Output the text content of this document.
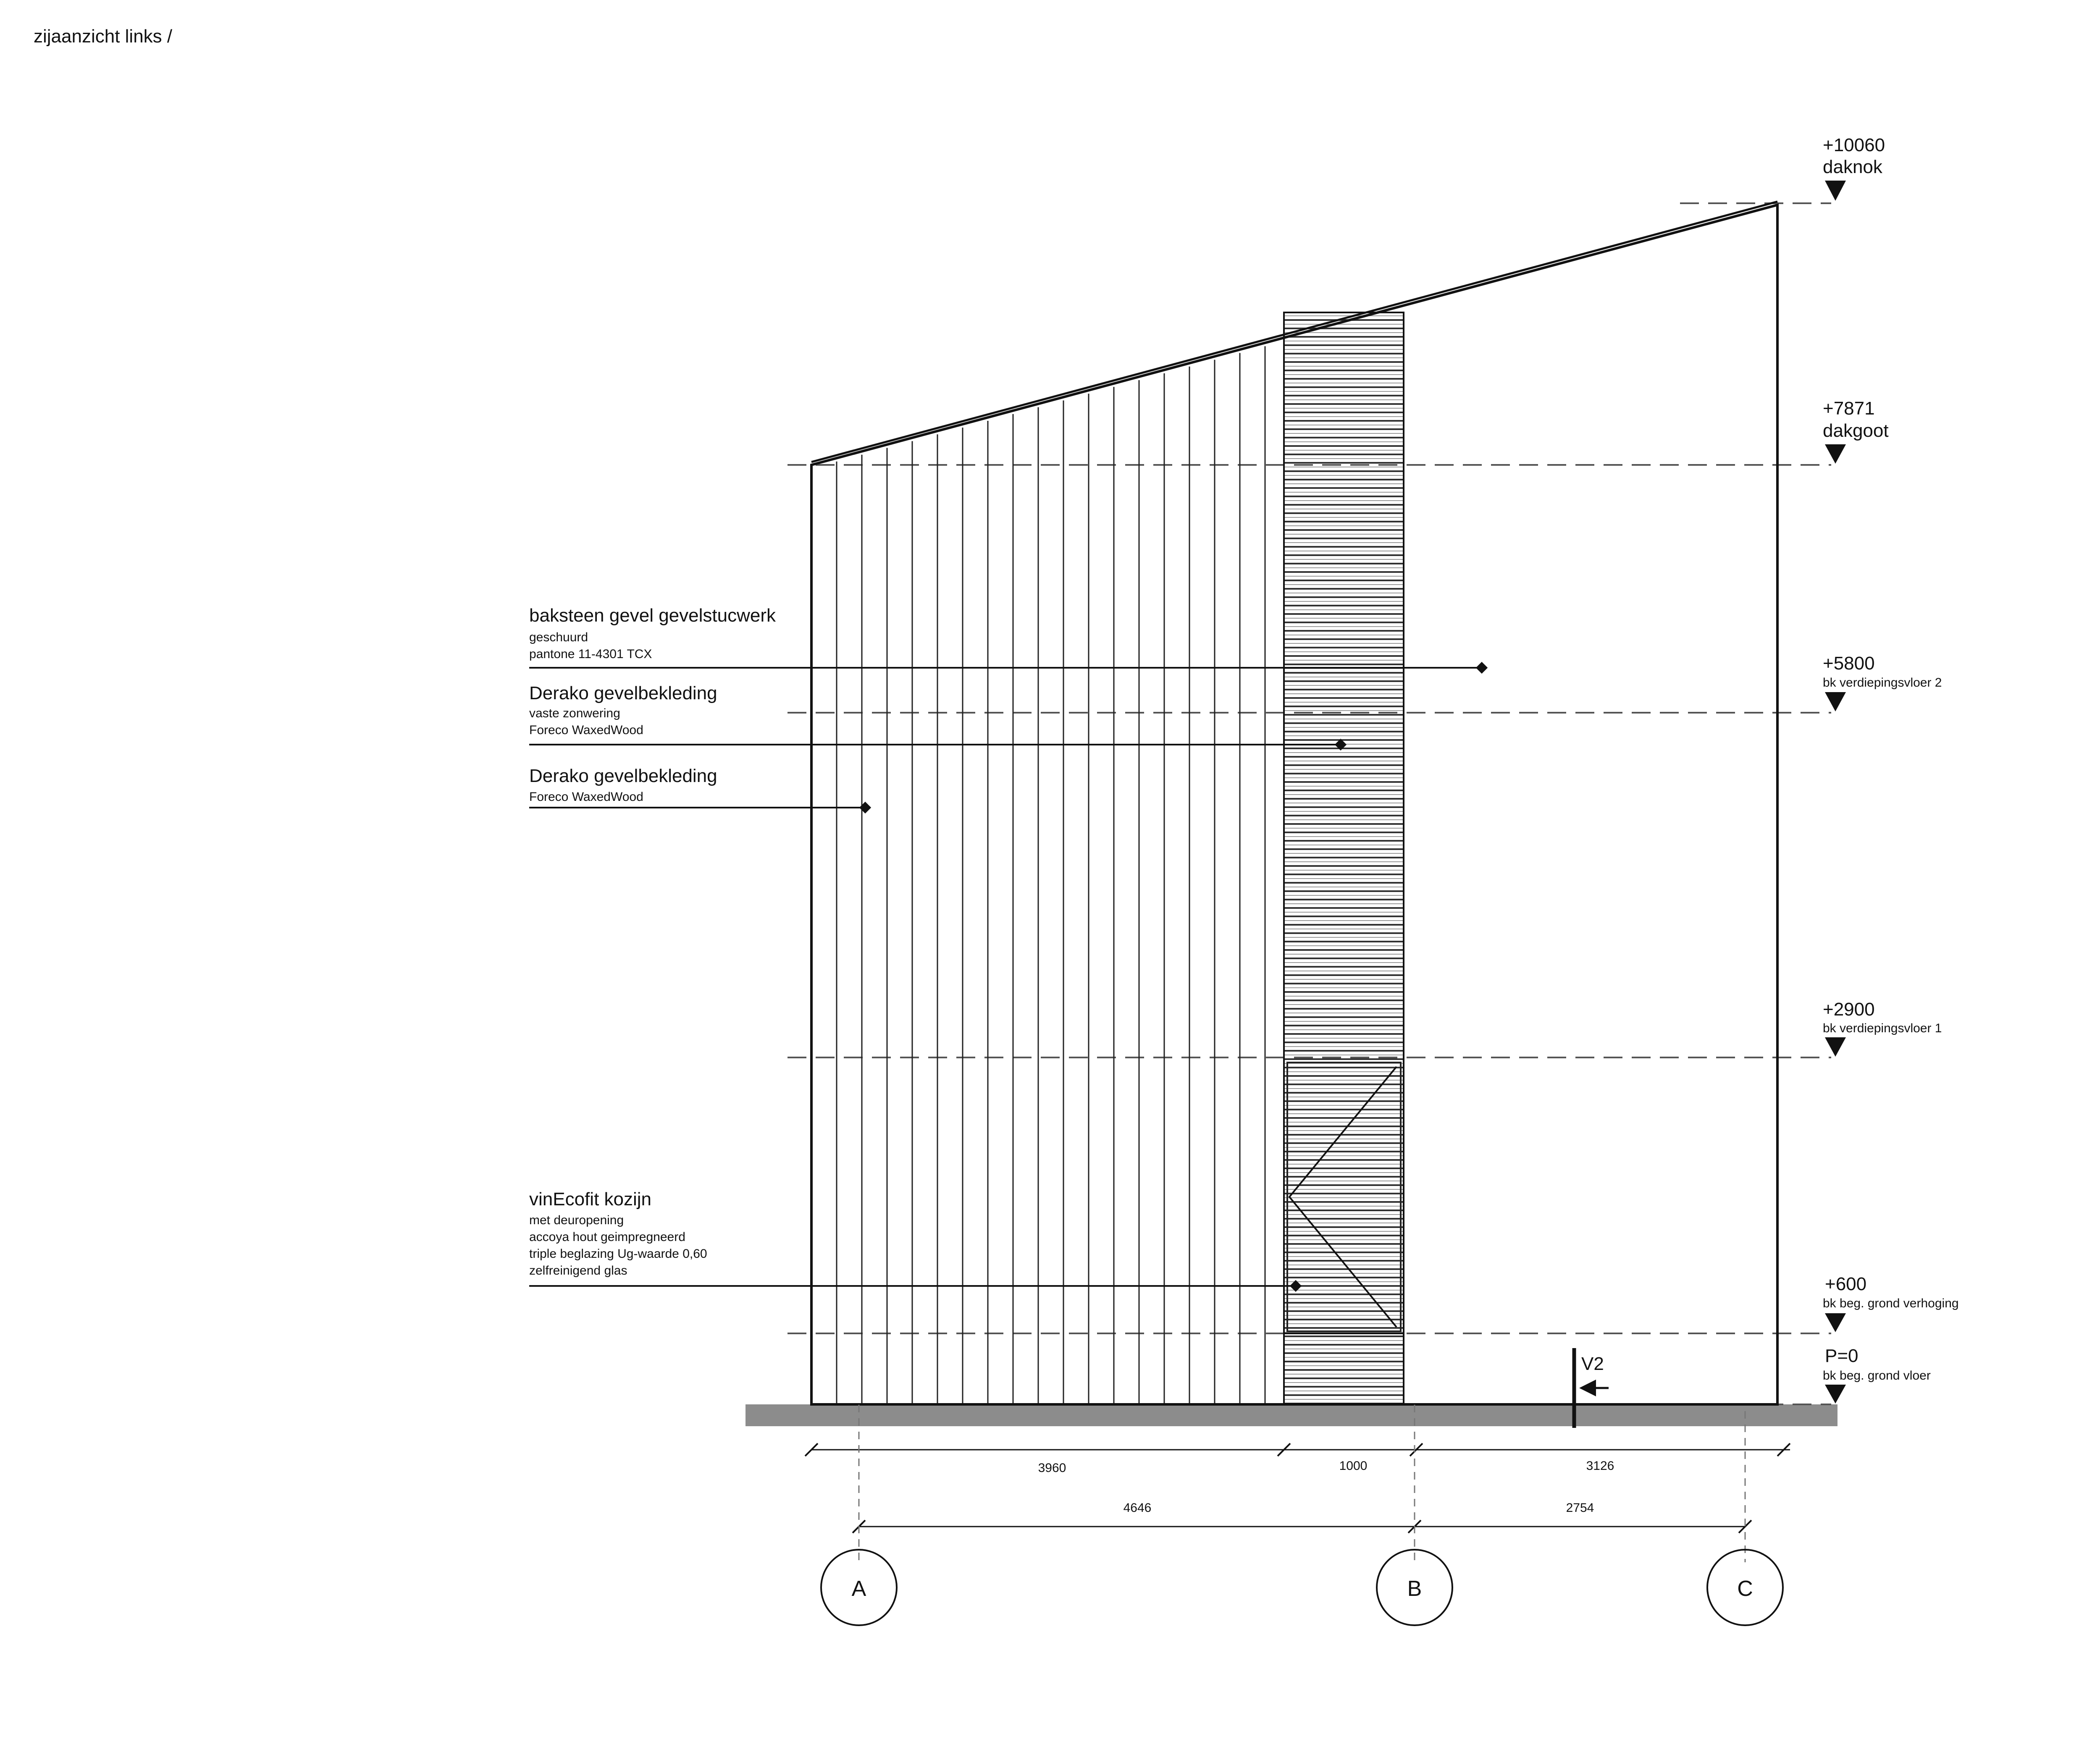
zijaanzicht links /
+10060
daknok
+7871
dakgoot
+5800
bk verdiepingsvloer 2
+2900
bk verdiepingsvloer 1
+600
bk beg. grond verhoging
P=0
bk beg. grond vloer
baksteen gevel gevelstucwerk
geschuurd
pantone 11-4301 TCX
Derako gevelbekleding
vaste zonwering
Foreco WaxedWood
Derako gevelbekleding
Foreco WaxedWood
vinEcofit kozijn
met deuropening
accoya hout geimpregneerd
triple beglazing Ug-waarde 0,60
zelfreinigend glas
V2
3960	1000	3126
4646	2754
A	B	C
